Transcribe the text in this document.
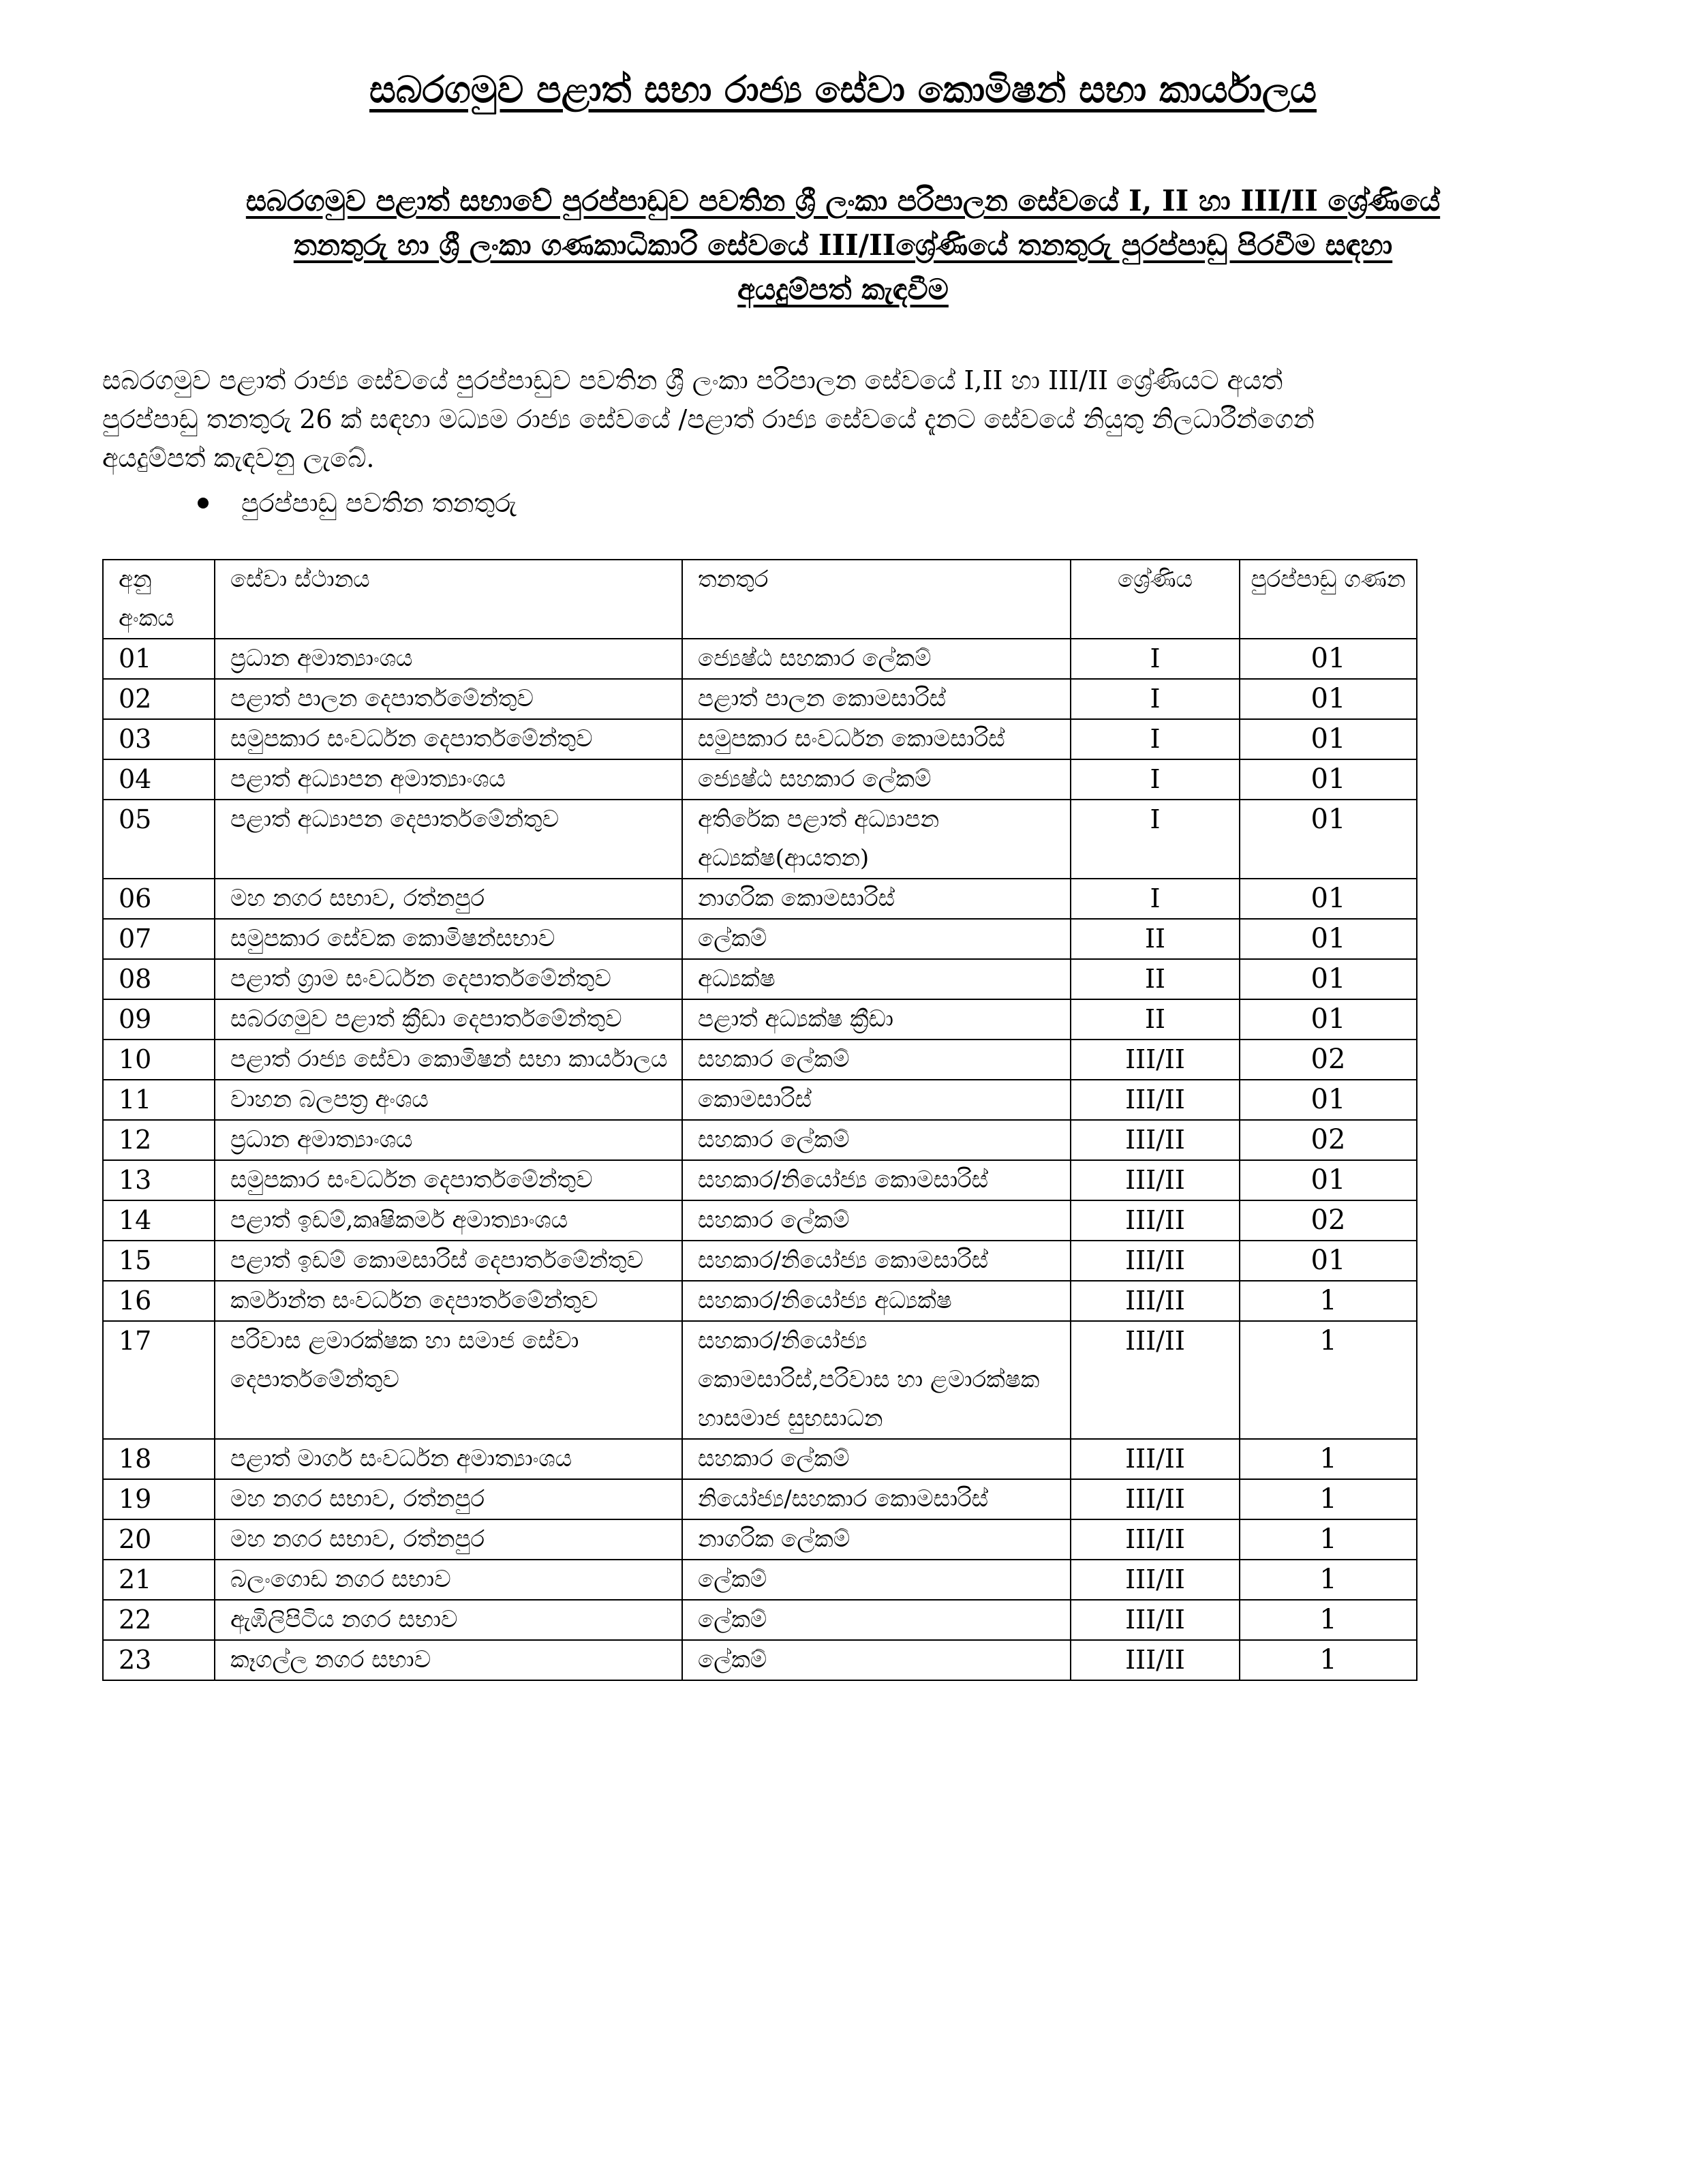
සබරගමුව පළාත් සභා රාජ්‍ය සේවා කොමිෂන් සභා කාර්යාලය
සබරගමුව පළාත් සභාවේ පුරප්පාඩුව පවතින ශ්‍රී ලංකා පරිපාලන සේවයේ I, II හා III/II ශ්‍රේණියේ
තනතුරු හා ශ්‍රී ලංකා ගණකාධිකාරි සේවයේ III/IIශ්‍රේණියේ තනතුරු පුරප්පාඩු පිරවීම සඳහා
අයදුම්පත් කැඳවීම
සබරගමුව පළාත් රාජ්‍ය සේවයේ පුරප්පාඩුව පවතින ශ්‍රී ලංකා පරිපාලන සේවයේ I,II හා III/II ශ්‍රේණියට අයත්
පුරප්පාඩු තනතුරු 26 ක් සඳහා මධ්‍යම රාජ්‍ය සේවයේ /පළාත් රාජ්‍ය සේවයේ දැනට සේවයේ නියුතු නිලධාරීන්ගෙන්
අයදුම්පත් කැඳවනු ලැබේ.
පුරප්පාඩු පවතින තනතුරු
අනු අංකය	සේවා ස්ථානය	තනතුර	ශ්‍රේණිය	පුරප්පාඩු ගණන
01	ප්‍රධාන අමාත්‍යාංශය	ජ්‍යෙෂ්ඨ සහකාර ලේකම්	I	01
02	පළාත් පාලන දෙපාර්තමේන්තුව	පළාත් පාලන කොමසාරිස්	I	01
03	සමුපකාර සංවර්ධන දෙපාර්තමේන්තුව	සමුපකාර සංවර්ධන කොමසාරිස්	I	01
04	පළාත් අධ්‍යාපන අමාත්‍යාංශය	ජ්‍යෙෂ්ඨ සහකාර ලේකම්	I	01
05	පළාත් අධ්‍යාපන දෙපාර්තමේන්තුව	අතිරේක පළාත් අධ්‍යාපන අධ්‍යක්ෂ(ආයතන)	I	01
06	මහ නගර සභාව, රත්නපුර	නාගරික කොමසාරිස්	I	01
07	සමුපකාර සේවක කොමිෂන්සභාව	ලේකම්	II	01
08	පළාත් ග්‍රාම සංවර්ධන දෙපාර්තමේන්තුව	අධ්‍යක්ෂ	II	01
09	සබරගමුව පළාත් ක්‍රීඩා දෙපාර්තමේන්තුව	පළාත් අධ්‍යක්ෂ ක්‍රීඩා	II	01
10	පළාත් රාජ්‍ය සේවා කොමිෂන් සභා කාර්යාලය	සහකාර ලේකම්	III/II	02
11	වාහන බලපත්‍ර අංශය	කොමසාරිස්	III/II	01
12	ප්‍රධාන අමාත්‍යාංශය	සහකාර ලේකම්	III/II	02
13	සමුපකාර සංවර්ධන දෙපාර්තමේන්තුව	සහකාර/නියෝජ්‍ය කොමසාරිස්	III/II	01
14	පළාත් ඉඩම්,කෘෂිකර්ම අමාත්‍යාංශය	සහකාර ලේකම්	III/II	02
15	පළාත් ඉඩම් කොමසාරිස් දෙපාර්තමේන්තුව	සහකාර/නියෝජ්‍ය කොමසාරිස්	III/II	01
16	කර්මාන්ත සංවර්ධන දෙපාර්තමේන්තුව	සහකාර/නියෝජ්‍ය අධ්‍යක්ෂ	III/II	1
17	පරිවාස ළමාරක්ෂක හා සමාජ සේවා දෙපාර්තමේන්තුව	සහකාර/නියෝජ්‍ය කොමසාරිස්,පරිවාස හා ළමාරක්ෂක හාසමාජ සුභසාධන	III/II	1
18	පළාත් මාර්ග සංවර්ධන අමාත්‍යාංශය	සහකාර ලේකම්	III/II	1
19	මහ නගර සභාව, රත්නපුර	නියෝජ්‍ය/සහකාර කොමසාරිස්	III/II	1
20	මහ නගර සභාව, රත්නපුර	නාගරික ලේකම්	III/II	1
21	බලංගොඩ නගර සභාව	ලේකම්	III/II	1
22	ඇඹිලිපිටිය නගර සභාව	ලේකම්	III/II	1
23	කෑගල්ල නගර සභාව	ලේකම්	III/II	1
